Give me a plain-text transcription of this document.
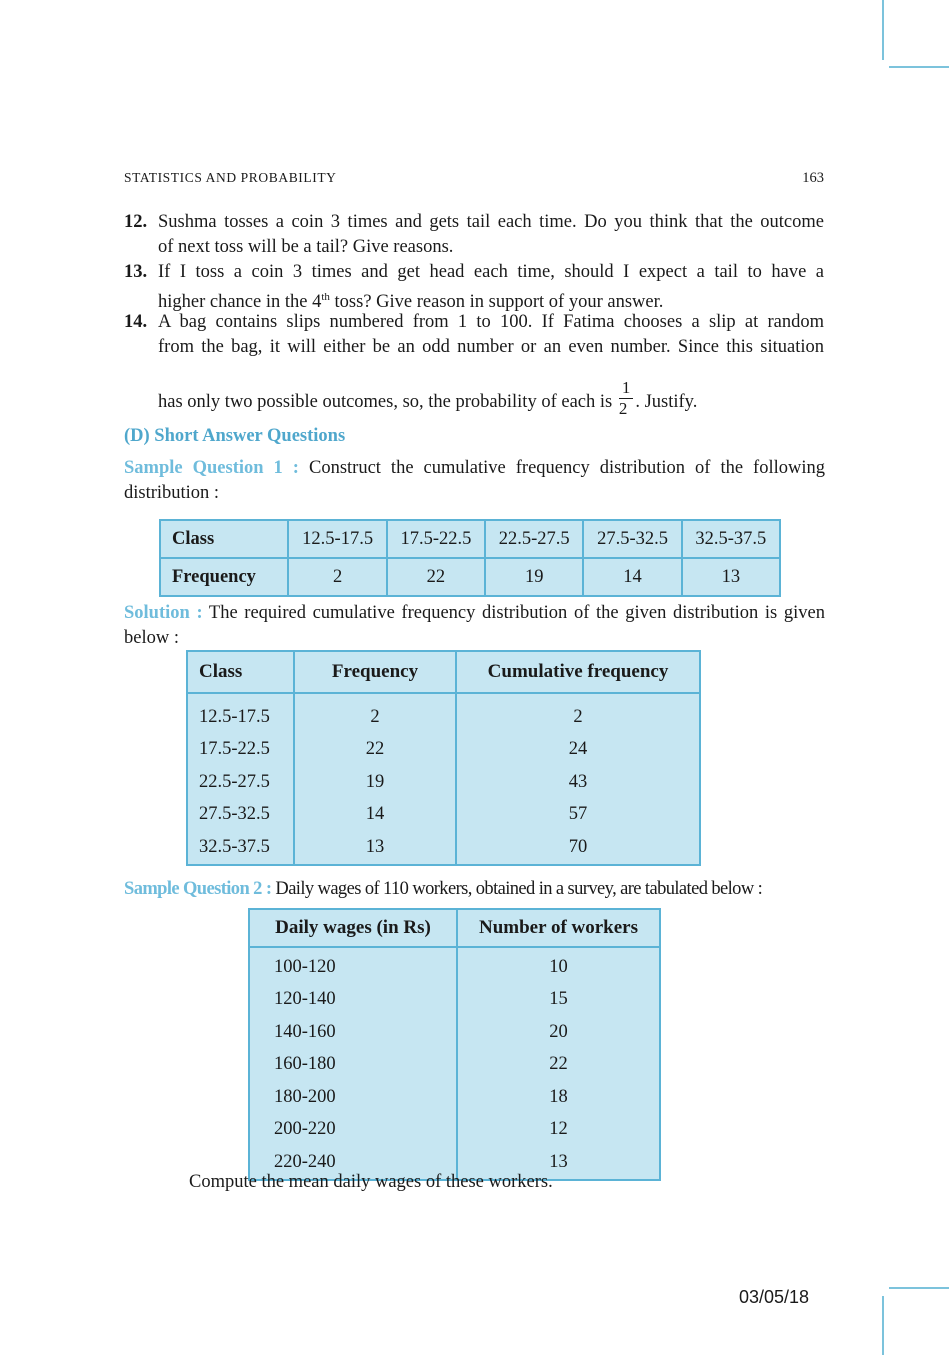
STATISTICS AND PROBABILITY	163
12. Sushma tosses a coin 3 times and gets tail each time. Do you think that the outcome
of next toss will be a tail? Give reasons.
13. If I toss a coin 3 times and get head each time, should I expect a tail to have a
higher chance in the 4th toss? Give reason in support of your answer.
14. A bag contains slips numbered from 1 to 100. If Fatima chooses a slip at random
from the bag, it will either be an odd number or an even number. Since this situation
has only two possible outcomes, so, the probability of each is $\frac{1}{2}$ . Justify.
(D) Short Answer Questions
Sample Question 1 : Construct the cumulative frequency distribution of the following distribution :
Class	12.5-17.5	17.5-22.5	22.5-27.5	27.5-32.5	32.5-37.5
Frequency	2	22	19	14	13
Solution : The required cumulative frequency distribution of the given distribution is given below :
Class	Frequency	Cumulative frequency
12.5-17.5	2	2
17.5-22.5	22	24
22.5-27.5	19	43
27.5-32.5	14	57
32.5-37.5	13	70
Sample Question 2 : Daily wages of 110 workers, obtained in a survey, are tabulated below :
Daily wages (in Rs)	Number of workers
100-120	10
120-140	15
140-160	20
160-180	22
180-200	18
200-220	12
220-240	13
Compute the mean daily wages of these workers.
03/05/18
